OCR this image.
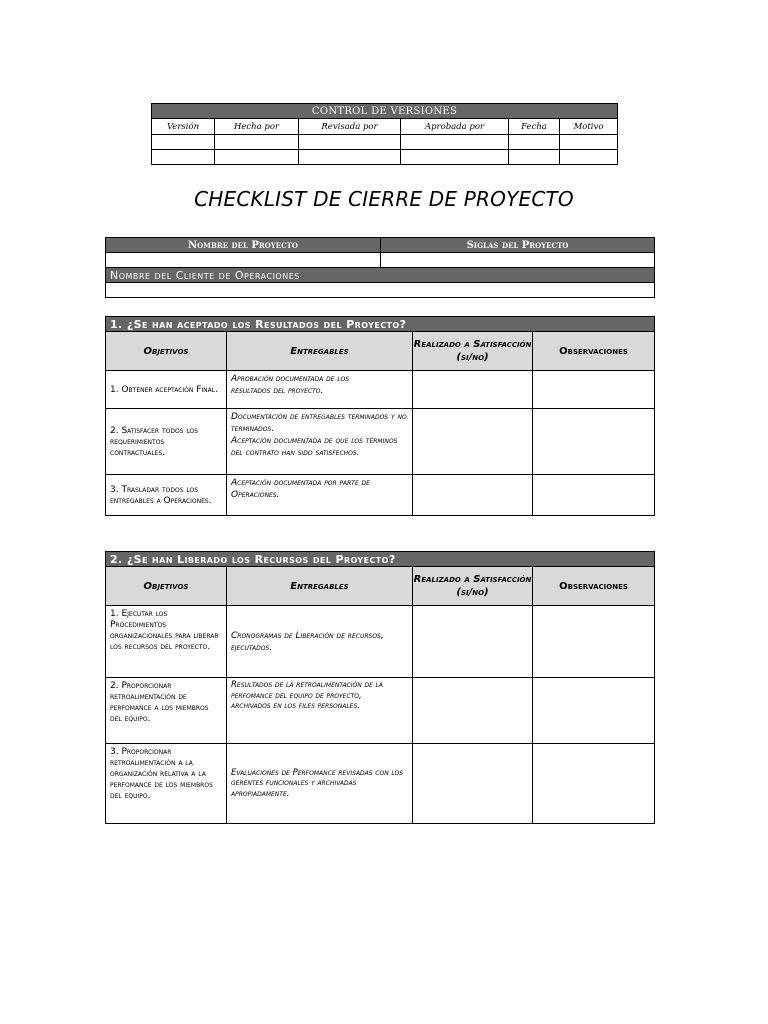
CONTROL DE VERSIONES					
Versión	Hecha por	Revisada por	Aprobada por	Fecha	Motivo

CHECKLIST DE CIERRE DE PROYECTO
Nombre del Proyecto	Siglas del Proyecto

Nombre del Cliente de Operaciones	

1. ¿Se han aceptado los Resultados del Proyecto?			
Objetivos	Entregables	Realizado a Satisfacción (si/no)	Observaciones
1. Obtener aceptación Final.	Aprobación documentada de los
resultados del proyecto.		
2. Satisfacer todos los requerimientos contractuales.	Documentación de entregables terminados y no terminados.
Aceptación documentada de que los términos del contrato han sido satisfechos.		
3. Trasladar todos los entregables a Operaciones.	Aceptación documentada por parte de Operaciones.		
2. ¿Se han Liberado los Recursos del Proyecto?			
Objetivos	Entregables	Realizado a Satisfacción (si/no)	Observaciones
1. Ejecutar los Procedimientos organizacionales para liberar los recursos del proyecto.	Cronogramas de Liberación de recursos, ejecutados.		
2. Proporcionar retroalimentación de perfomance a los miembros del equipo.	Resultados de la retroalimentación de la perfomance del equipo de proyecto,
archivados en los files personales.		
3. Proporcionar retroalimentación a la organización relativa a la perfomance de los miembros del equipo.	Evaluaciones de Perfomance revisadas con los gerentes funcionales y archivadas apropiadamente.		
